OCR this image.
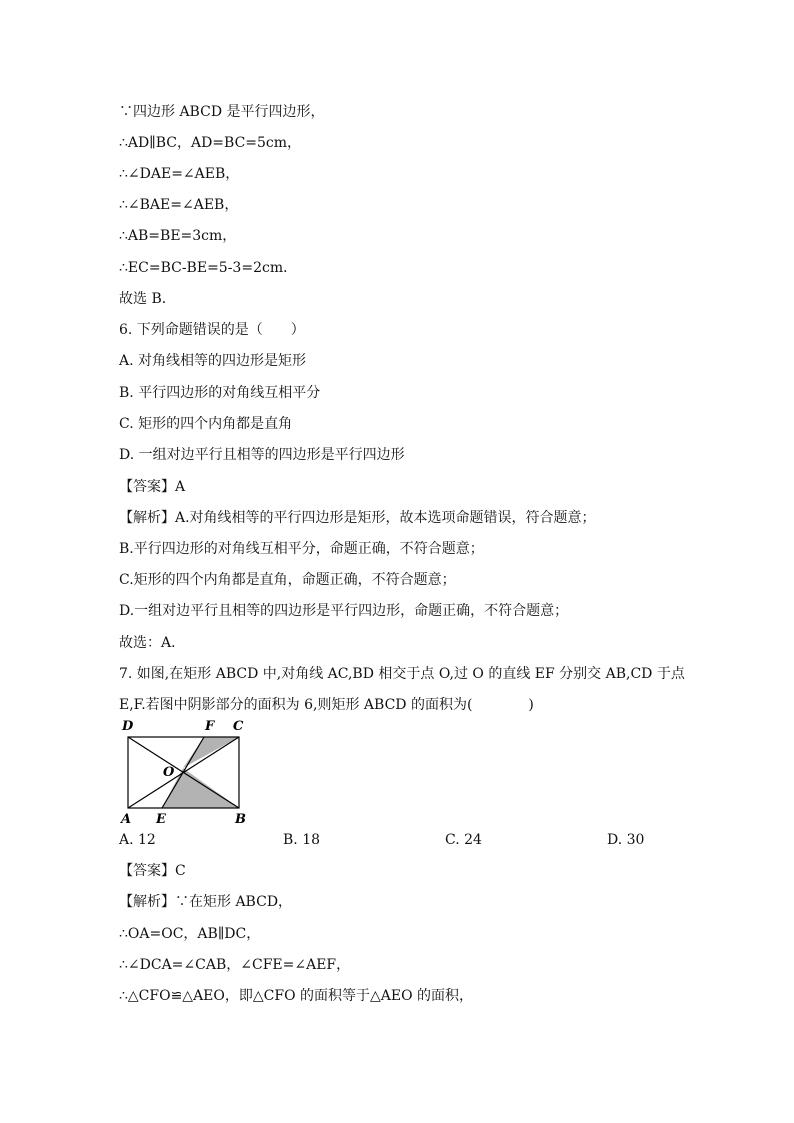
∵四边形 ABCD 是平行四边形，
∴AD∥BC，AD=BC=5cm，
∴∠DAE=∠AEB，
∴∠BAE=∠AEB，
∴AB=BE=3cm，
∴EC=BC-BE=5-3=2cm．
故选 B．
6. 下列命题错误的是（　　）
A. 对角线相等的四边形是矩形
B. 平行四边形的对角线互相平分
C. 矩形的四个内角都是直角
D. 一组对边平行且相等的四边形是平行四边形
【答案】A
【解析】A.对角线相等的平行四边形是矩形，故本选项命题错误，符合题意；
B.平行四边形的对角线互相平分，命题正确，不符合题意；
C.矩形的四个内角都是直角，命题正确，不符合题意；
D.一组对边平行且相等的四边形是平行四边形，命题正确，不符合题意；
故选：A．
7. 如图,在矩形 ABCD 中,对角线 AC,BD 相交于点 O,过 O 的直线 EF 分别交 AB,CD 于点
E,F.若图中阴影部分的面积为 6,则矩形 ABCD 的面积为(　　　　)
D	F C
O
A E	B
A. 12	B. 18	C. 24	D. 30
【答案】C
【解析】∵在矩形 ABCD，
∴OA=OC，AB∥DC，
∴∠DCA=∠CAB，∠CFE=∠AEF，
∴△CFO≌△AEO，即△CFO 的面积等于△AEO 的面积，
